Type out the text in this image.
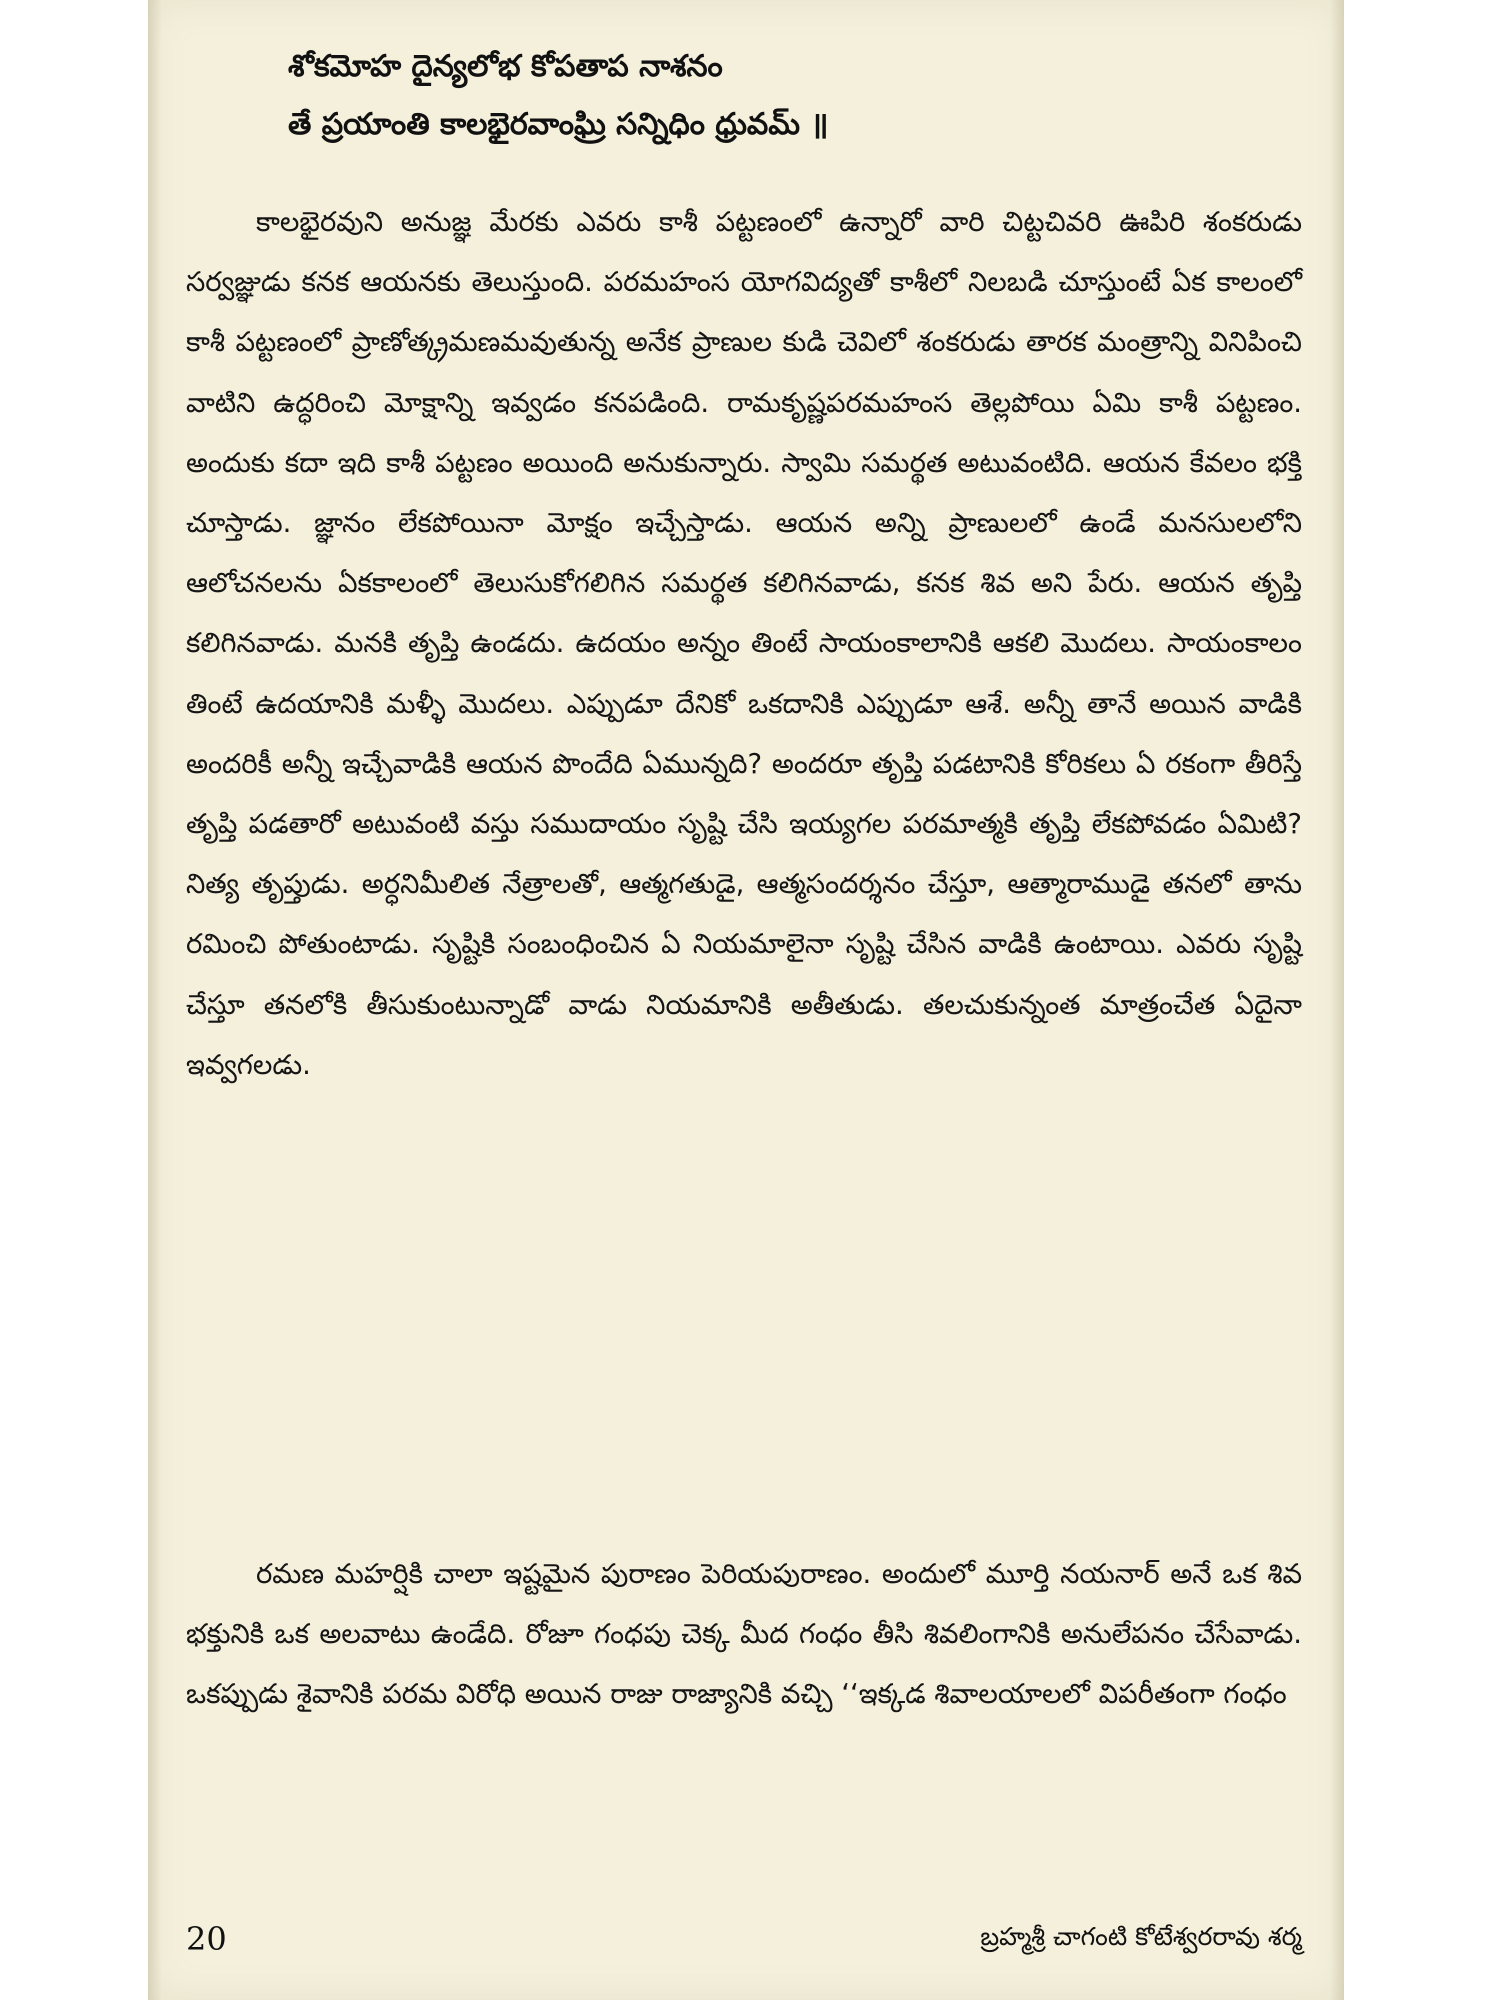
శోకమోహ దైన్యలోభ కోపతాప నాశనం
తే ప్రయాంతి కాలభైరవాంఘ్రి సన్నిధిం ధ్రువమ్ ॥

కాలభైరవుని అనుజ్ఞ మేరకు ఎవరు కాశీ పట్టణంలో ఉన్నారో వారి చిట్టచివరి ఊపిరి శంకరుడు సర్వజ్ఞుడు కనక ఆయనకు తెలుస్తుంది. పరమహంస యోగవిద్యతో కాశీలో నిలబడి చూస్తుంటే ఏక కాలంలో కాశీ పట్టణంలో ప్రాణోత్క్రమణమవుతున్న అనేక ప్రాణుల కుడి చెవిలో శంకరుడు తారక మంత్రాన్ని వినిపించి వాటిని ఉద్ధరించి మోక్షాన్ని ఇవ్వడం కనపడింది. రామకృష్ణపరమహంస తెల్లపోయి ఏమి కాశీ పట్టణం. అందుకు కదా ఇది కాశీ పట్టణం అయింది అనుకున్నారు. స్వామి సమర్థత అటువంటిది. ఆయన కేవలం భక్తి చూస్తాడు. జ్ఞానం లేకపోయినా మోక్షం ఇచ్చేస్తాడు. ఆయన అన్ని ప్రాణులలో ఉండే మనసులలోని ఆలోచనలను ఏకకాలంలో తెలుసుకోగలిగిన సమర్థత కలిగినవాడు, కనక శివ అని పేరు. ఆయన తృప్తి కలిగినవాడు. మనకి తృప్తి ఉండదు. ఉదయం అన్నం తింటే సాయంకాలానికి ఆకలి మొదలు. సాయంకాలం తింటే ఉదయానికి మళ్ళీ మొదలు. ఎప్పుడూ దేనికో ఒకదానికి ఎప్పుడూ ఆశే. అన్నీ తానే అయిన వాడికి అందరికీ అన్నీ ఇచ్చేవాడికి ఆయన పొందేది ఏమున్నది? అందరూ తృప్తి పడటానికి కోరికలు ఏ రకంగా తీరిస్తే తృప్తి పడతారో అటువంటి వస్తు సముదాయం సృష్టి చేసి ఇయ్యగల పరమాత్మకి తృప్తి లేకపోవడం ఏమిటి? నిత్య తృప్తుడు. అర్ధనిమీలిత నేత్రాలతో, ఆత్మగతుడై, ఆత్మసందర్శనం చేస్తూ, ఆత్మారాముడై తనలో తాను రమించి పోతుంటాడు. సృష్టికి సంబంధించిన ఏ నియమాలైనా సృష్టి చేసిన వాడికి ఉంటాయి. ఎవరు సృష్టి చేస్తూ తనలోకి తీసుకుంటున్నాడో వాడు నియమానికి అతీతుడు. తలచుకున్నంత మాత్రంచేత ఏదైనా ఇవ్వగలడు.

రమణ మహర్షికి చాలా ఇష్టమైన పురాణం పెరియపురాణం. అందులో మూర్తి నయనార్ అనే ఒక శివ భక్తునికి ఒక అలవాటు ఉండేది. రోజూ గంధపు చెక్క మీద గంధం తీసి శివలింగానికి అనులేపనం చేసేవాడు. ఒకప్పుడు శైవానికి పరమ విరోధి అయిన రాజు రాజ్యానికి వచ్చి ‘‘ఇక్కడ శివాలయాలలో విపరీతంగా గంధం

20	బ్రహ్మశ్రీ చాగంటి కోటేశ్వరరావు శర్మ
